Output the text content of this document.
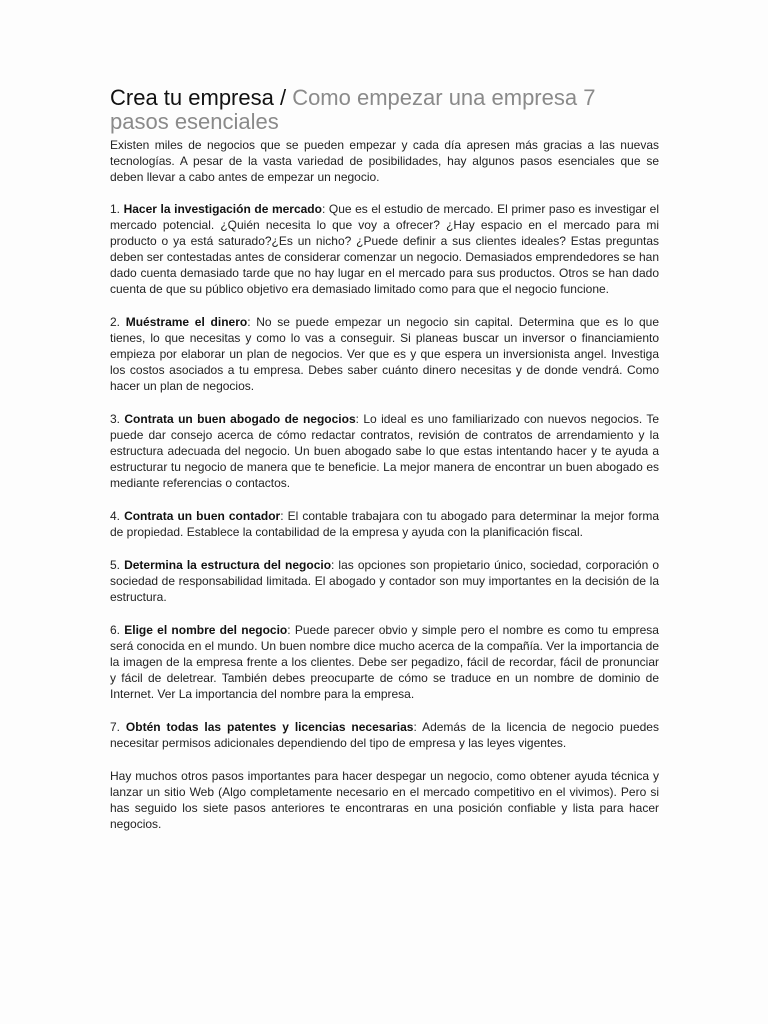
Crea tu empresa / Como empezar una empresa 7 pasos esenciales

Existen miles de negocios que se pueden empezar y cada día apresen más gracias a las nuevas tecnologías. A pesar de la vasta variedad de posibilidades, hay algunos pasos esenciales que se deben llevar a cabo antes de empezar un negocio.

1. Hacer la investigación de mercado: Que es el estudio de mercado. El primer paso es investigar el mercado potencial. ¿Quién necesita lo que voy a ofrecer? ¿Hay espacio en el mercado para mi producto o ya está saturado?¿Es un nicho? ¿Puede definir a sus clientes ideales? Estas preguntas deben ser contestadas antes de considerar comenzar un negocio. Demasiados emprendedores se han dado cuenta demasiado tarde que no hay lugar en el mercado para sus productos. Otros se han dado cuenta de que su público objetivo era demasiado limitado como para que el negocio funcione.

2. Muéstrame el dinero: No se puede empezar un negocio sin capital. Determina que es lo que tienes, lo que necesitas y como lo vas a conseguir. Si planeas buscar un inversor o financiamiento empieza por elaborar un plan de negocios. Ver que es y que espera un inversionista angel. Investiga los costos asociados a tu empresa. Debes saber cuánto dinero necesitas y de donde vendrá. Como hacer un plan de negocios.

3. Contrata un buen abogado de negocios: Lo ideal es uno familiarizado con nuevos negocios. Te puede dar consejo acerca de cómo redactar contratos, revisión de contratos de arrendamiento y la estructura adecuada del negocio. Un buen abogado sabe lo que estas intentando hacer y te ayuda a estructurar tu negocio de manera que te beneficie. La mejor manera de encontrar un buen abogado es mediante referencias o contactos.

4. Contrata un buen contador: El contable trabajara con tu abogado para determinar la mejor forma de propiedad. Establece la contabilidad de la empresa y ayuda con la planificación fiscal.

5. Determina la estructura del negocio: las opciones son propietario único, sociedad, corporación o sociedad de responsabilidad limitada. El abogado y contador son muy importantes en la decisión de la estructura.

6. Elige el nombre del negocio: Puede parecer obvio y simple pero el nombre es como tu empresa será conocida en el mundo. Un buen nombre dice mucho acerca de la compañía. Ver la importancia de la imagen de la empresa frente a los clientes. Debe ser pegadizo, fácil de recordar, fácil de pronunciar y fácil de deletrear. También debes preocuparte de cómo se traduce en un nombre de dominio de Internet. Ver La importancia del nombre para la empresa.

7. Obtén todas las patentes y licencias necesarias: Además de la licencia de negocio puedes necesitar permisos adicionales dependiendo del tipo de empresa y las leyes vigentes.

Hay muchos otros pasos importantes para hacer despegar un negocio, como obtener ayuda técnica y lanzar un sitio Web (Algo completamente necesario en el mercado competitivo en el vivimos). Pero si has seguido los siete pasos anteriores te encontraras en una posición confiable y lista para hacer negocios.
